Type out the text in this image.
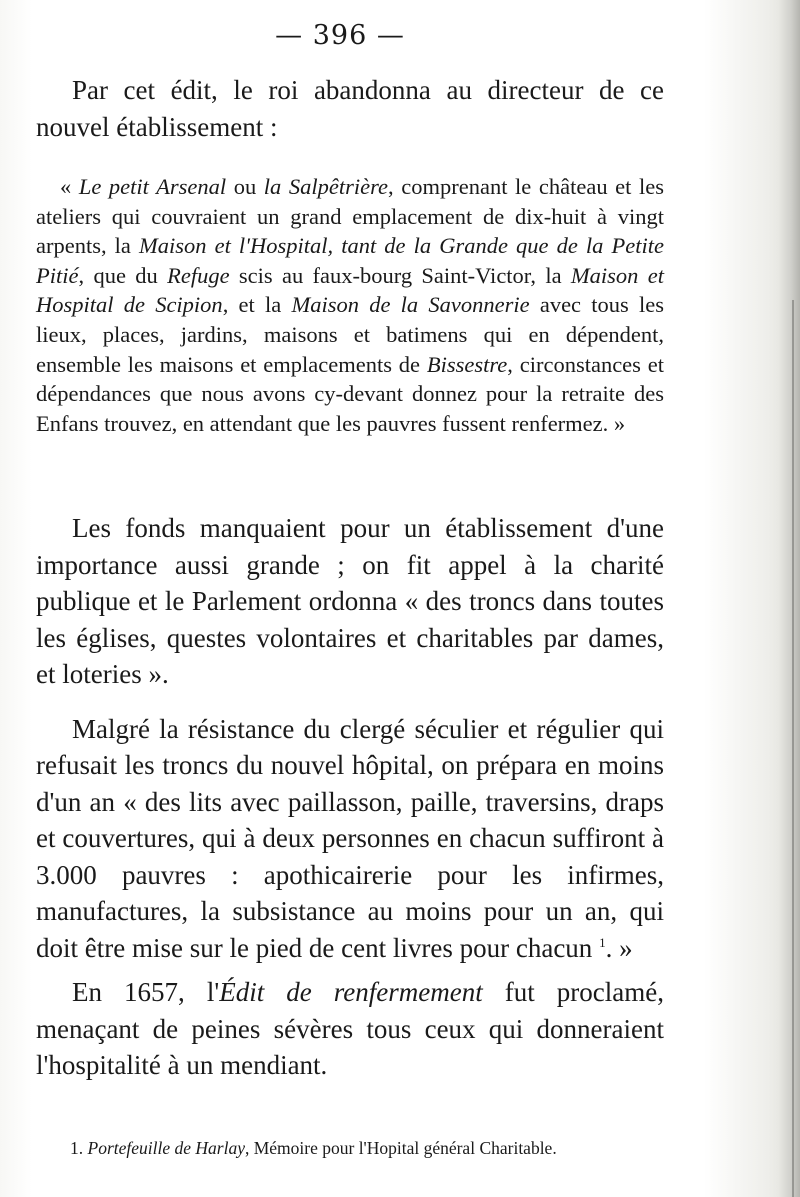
— 396 —

Par cet édit, le roi abandonna au directeur de ce nouvel établissement :

« Le petit Arsenal ou la Salpêtrière, comprenant le château et les ateliers qui couvraient un grand emplacement de dix-huit à vingt arpents, la Maison et l'Hospital, tant de la Grande que de la Petite Pitié, que du Refuge scis au faux-bourg Saint-Victor, la Maison et Hospital de Scipion, et la Maison de la Savonnerie avec tous les lieux, places, jardins, maisons et batimens qui en dépendent, ensemble les maisons et emplacements de Bissestre, circonstances et dépendances que nous avons cy-devant donnez pour la retraite des Enfans trouvez, en attendant que les pauvres fussent renfermez. »

Les fonds manquaient pour un établissement d'une importance aussi grande ; on fit appel à la charité publique et le Parlement ordonna « des troncs dans toutes les églises, questes volontaires et charitables par dames, et loteries ».

Malgré la résistance du clergé séculier et régulier qui refusait les troncs du nouvel hôpital, on prépara en moins d'un an « des lits avec paillasson, paille, traversins, draps et couvertures, qui à deux personnes en chacun suffiront à 3.000 pauvres : apothicairerie pour les infirmes, manufactures, la subsistance au moins pour un an, qui doit être mise sur le pied de cent livres pour chacun $^1$. »

En 1657, l'Édit de renfermement fut proclamé, menaçant de peines sévères tous ceux qui donneraient l'hospitalité à un mendiant.

1. Portefeuille de Harlay, Mémoire pour l'Hopital général Charitable.
